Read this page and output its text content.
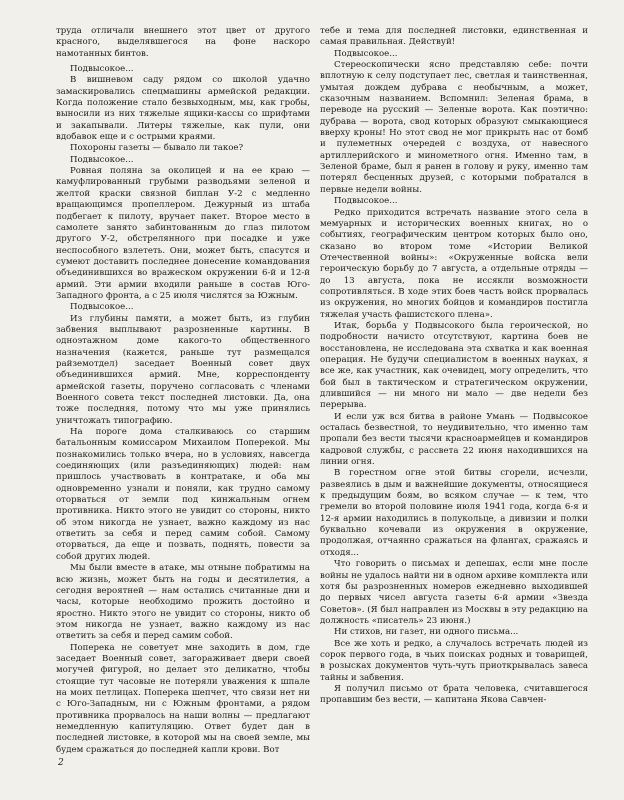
труда отличали внешнего этот цвет от другого красного, выделявшегося на фоне наскоро намотанных бинтов.

Подвысокое...

В вишневом саду рядом со школой удачно замаскировались спецмашины армейской редакции. Когда положение стало безвыходным, мы, как гробы, выносили из них тяжелые ящики-кассы со шрифтами и закапывали. Литеры тяжелые, как пули, они вдобавок еще и с острыми краями.

Похороны газеты — бывало ли такое?

Подвысокое...

Ровная поляна за околицей и на ее краю — камуфлированный грубыми разводьями зеленой и желтой краски связной биплан У-2 с медленно вращающимся пропеллером. Дежурный из штаба подбегает к пилоту, вручает пакет. Второе место в самолете занято забинтованным до глаз пилотом другого У-2, обстрелянного при посадке и уже неспособного взлететь. Они, может быть, спасутся и сумеют доставить последнее донесение командования объединившихся во вражеском окружении 6-й и 12-й армий. Эти армии входили раньше в состав Юго-Западного фронта, а с 25 июля числятся за Южным.

Подвысокое...

Из глубины памяти, а может быть, из глубин забвения выплывают разрозненные картины. В одноэтажном доме какого-то общественного назначения (кажется, раньше тут размещался райземотдел) заседает Военный совет двух объединившихся армий. Мне, корреспонденту армейской газеты, поручено согласовать с членами Военного совета текст последней листовки. Да, она тоже последняя, потому что мы уже принялись уничтожать типографию.

На пороге дома сталкиваюсь со старшим батальонным комиссаром Михаилом Поперекой. Мы познакомились только вчера, но в условиях, навсегда соединяющих (или разъединяющих) людей: нам пришлось участвовать в контратаке, и оба мы одновременно узнали и поняли, как трудно самому оторваться от земли под кинжальным огнем противника. Никто этого не увидит со стороны, никто об этом никогда не узнает, важно каждому из нас ответить за себя и перед самим собой. Самому оторваться, да еще и позвать, поднять, повести за собой других людей.

Мы были вместе в атаке, мы отныне побратимы на всю жизнь, может быть на годы и десятилетия, а сегодня вероятней — нам остались считанные дни и часы, которые необходимо прожить достойно и яростно. Никто этого не увидит со стороны, никто об этом никогда не узнает, важно каждому из нас ответить за себя и перед самим собой.

Поперека не советует мне заходить в дом, где заседает Военный совет, загораживает двери своей могучей фигурой, но делает это деликатно, чтобы стоящие тут часовые не потеряли уважения к шпале на моих петлицах. Поперека шепчет, что связи нет ни с Юго-Западным, ни с Южным фронтами, а рядом противника прорвалось на наши волны — предлагают немедленную капитуляцию. Ответ будет дан в последней листовке, в которой мы на своей земле, мы будем сражаться до последней капли крови. Вот

тебе и тема для последней листовки, единственная и самая правильная. Действуй!

Подвысокое...

Стереоскопически ясно представляю себе: почти вплотную к селу подступает лес, светлая и таинственная, умытая дождем дубрава с необычным, а может, сказочным названием. Вспомнил: Зеленая брама, в переводе на русский — Зеленые ворота. Как поэтично: дубрава — ворота, свод которых образуют смыкающиеся вверху кроны! Но этот свод не мог прикрыть нас от бомб и пулеметных очередей с воздуха, от навесного артиллерийского и минометного огня. Именно там, в Зеленой браме, был я ранен в голову и руку, именно там потерял бесценных друзей, с которыми побратался в первые недели войны.

Подвысокое...

Редко приходится встречать название этого села в мемуарных и исторических военных книгах, но о событиях, географическим центром которых было оно, сказано во втором томе «Истории Великой Отечественной войны»: «Окруженные войска вели героическую борьбу до 7 августа, а отдельные отряды — до 13 августа, пока не иссякли возможности сопротивляться. В ходе этих боев часть войск прорвалась из окружения, но многих бойцов и командиров постигла тяжелая участь фашистского плена».

Итак, борьба у Подвысокого была героической, но подробности начисто отсутствуют, картина боев не восстановлена, не исследована эта схватка и как военная операция. Не будучи специалистом в военных науках, я все же, как участник, как очевидец, могу определить, что бой был в тактическом и стратегическом окружении, длившийся — ни много ни мало — две недели без перерыва.

И если уж вся битва в районе Умань — Подвысокое осталась безвестной, то неудивительно, что именно там пропали без вести тысячи красноармейцев и командиров кадровой службы, с рассвета 22 июня находившихся на линии огня.

В горестном огне этой битвы сгорели, исчезли, развеялись в дым и важнейшие документы, относящиеся к предыдущим боям, во всяком случае — к тем, что гремели во второй половине июля 1941 года, когда 6-я и 12-я армии находились в полукольце, а дивизии и полки буквально кочевали из окружения в окружение, продолжая, отчаянно сражаться на флангах, сражаясь и отходя...

Что говорить о письмах и депешах, если мне после войны не удалось найти ни в одном архиве комплекта или хотя бы разрозненных номеров ежедневно выходившей до первых чисел августа газеты 6-й армии «Звезда Советов». (Я был направлен из Москвы в эту редакцию на должность «писатель» 23 июня.)

Ни стихов, ни газет, ни одного письма...

Все же хоть и редко, а случалось встречать людей из сорок первого года, в чьих поисках родных и товарищей, в розысках документов чуть-чуть приоткрывалась завеса тайны и забвения.

Я получил письмо от брата человека, считавшегося пропавшим без вести, — капитана Якова Савчен-

2
